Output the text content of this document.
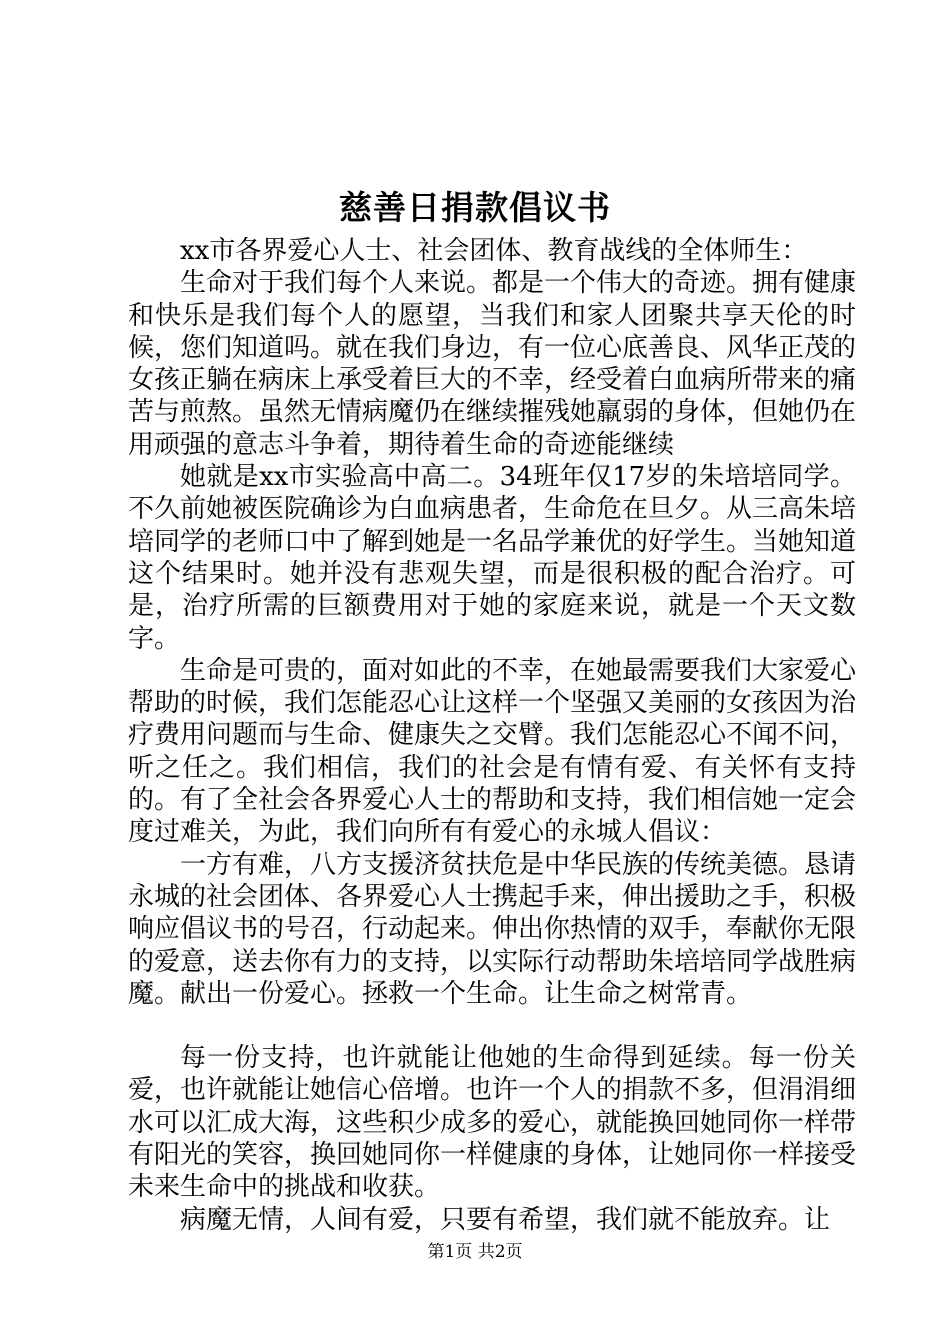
慈善日捐款倡议书

xx市各界爱心人士、社会团体、教育战线的全体师生：

生命对于我们每个人来说。都是一个伟大的奇迹。拥有健康和快乐是我们每个人的愿望，当我们和家人团聚共享天伦的时候，您们知道吗。就在我们身边，有一位心底善良、风华正茂的女孩正躺在病床上承受着巨大的不幸，经受着白血病所带来的痛苦与煎熬。虽然无情病魔仍在继续摧残她羸弱的身体，但她仍在用顽强的意志斗争着，期待着生命的奇迹能继续

她就是xx市实验高中高二。34班年仅17岁的朱培培同学。不久前她被医院确诊为白血病患者，生命危在旦夕。从三高朱培培同学的老师口中了解到她是一名品学兼优的好学生。当她知道这个结果时。她并没有悲观失望，而是很积极的配合治疗。可是，治疗所需的巨额费用对于她的家庭来说，就是一个天文数字。

生命是可贵的，面对如此的不幸，在她最需要我们大家爱心帮助的时候，我们怎能忍心让这样一个坚强又美丽的女孩因为治疗费用问题而与生命、健康失之交臂。我们怎能忍心不闻不问，听之任之。我们相信，我们的社会是有情有爱、有关怀有支持的。有了全社会各界爱心人士的帮助和支持，我们相信她一定会度过难关，为此，我们向所有有爱心的永城人倡议：

一方有难，八方支援济贫扶危是中华民族的传统美德。恳请永城的社会团体、各界爱心人士携起手来，伸出援助之手，积极响应倡议书的号召，行动起来。伸出你热情的双手，奉献你无限的爱意，送去你有力的支持，以实际行动帮助朱培培同学战胜病魔。献出一份爱心。拯救一个生命。让生命之树常青。

每一份支持，也许就能让他她的生命得到延续。每一份关爱，也许就能让她信心倍增。也许一个人的捐款不多，但涓涓细水可以汇成大海，这些积少成多的爱心，就能换回她同你一样带有阳光的笑容，换回她同你一样健康的身体，让她同你一样接受未来生命中的挑战和收获。

病魔无情，人间有爱，只要有希望，我们就不能放弃。让

第1页 共2页
